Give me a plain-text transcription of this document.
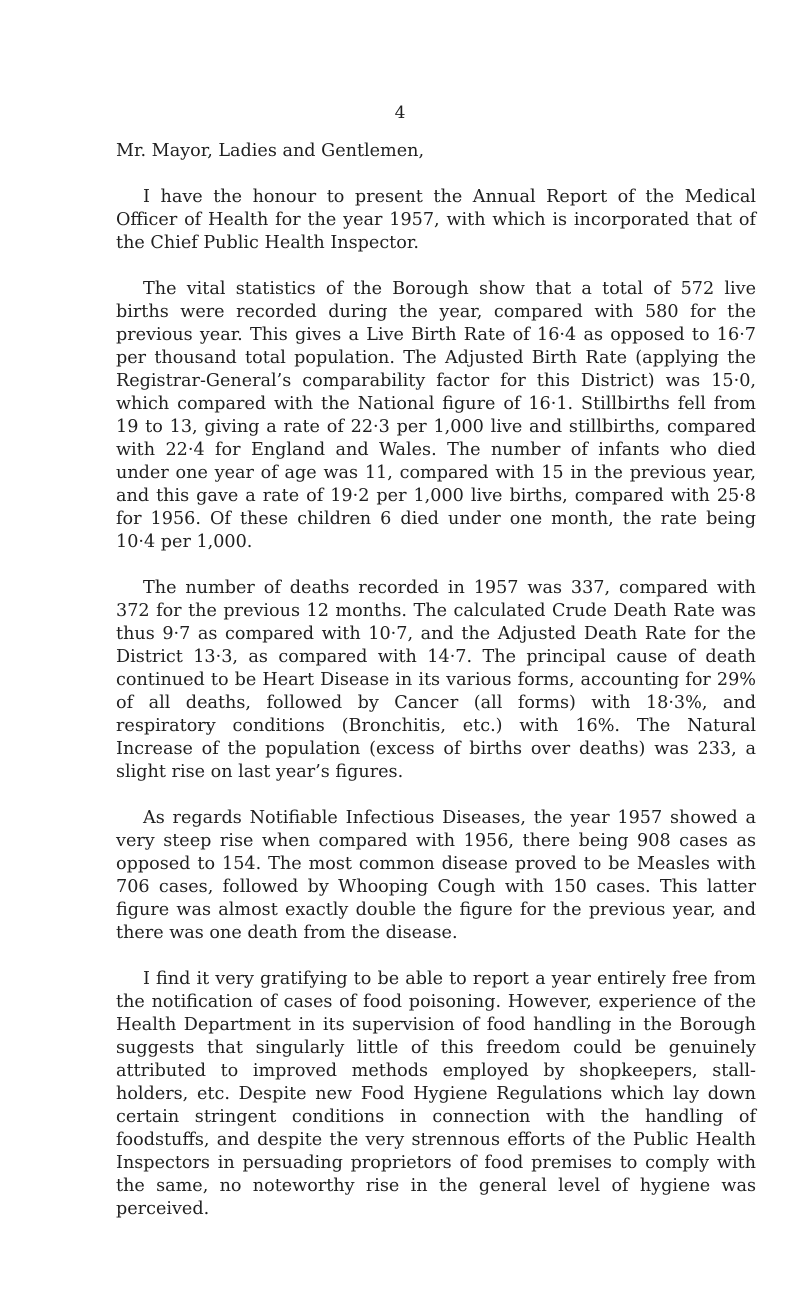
4

Mr. Mayor, Ladies and Gentlemen,

I have the honour to present the Annual Report of the Medical Officer of Health for the year 1957, with which is incorporated that of the Chief Public Health Inspector.

The vital statistics of the Borough show that a total of 572 live births were recorded during the year, compared with 580 for the previous year. This gives a Live Birth Rate of 16·4 as opposed to 16·7 per thousand total population. The Adjusted Birth Rate (applying the Registrar-General’s comparability factor for this District) was 15·0, which compared with the National figure of 16·1. Stillbirths fell from 19 to 13, giving a rate of 22·3 per 1,000 live and stillbirths, compared with 22·4 for England and Wales. The number of infants who died under one year of age was 11, compared with 15 in the previous year, and this gave a rate of 19·2 per 1,000 live births, compared with 25·8 for 1956. Of these children 6 died under one month, the rate being 10·4 per 1,000.

The number of deaths recorded in 1957 was 337, compared with 372 for the previous 12 months. The calculated Crude Death Rate was thus 9·7 as compared with 10·7, and the Adjusted Death Rate for the District 13·3, as compared with 14·7. The principal cause of death continued to be Heart Disease in its various forms, accounting for 29% of all deaths, followed by Cancer (all forms) with 18·3%, and respiratory conditions (Bronchitis, etc.) with 16%. The Natural Increase of the population (excess of births over deaths) was 233, a slight rise on last year’s figures.

As regards Notifiable Infectious Diseases, the year 1957 showed a very steep rise when compared with 1956, there being 908 cases as opposed to 154. The most common disease proved to be Measles with 706 cases, followed by Whooping Cough with 150 cases. This latter figure was almost exactly double the figure for the previous year, and there was one death from the disease.

I find it very gratifying to be able to report a year entirely free from the notification of cases of food poisoning. However, experience of the Health Department in its supervision of food handling in the Borough suggests that singularly little of this freedom could be genuinely attributed to improved methods employed by shopkeepers, stall-holders, etc. Despite new Food Hygiene Regulations which lay down certain stringent conditions in connection with the handling of foodstuffs, and despite the very strennous efforts of the Public Health Inspectors in persuading proprietors of food premises to comply with the same, no noteworthy rise in the general level of hygiene was perceived.
